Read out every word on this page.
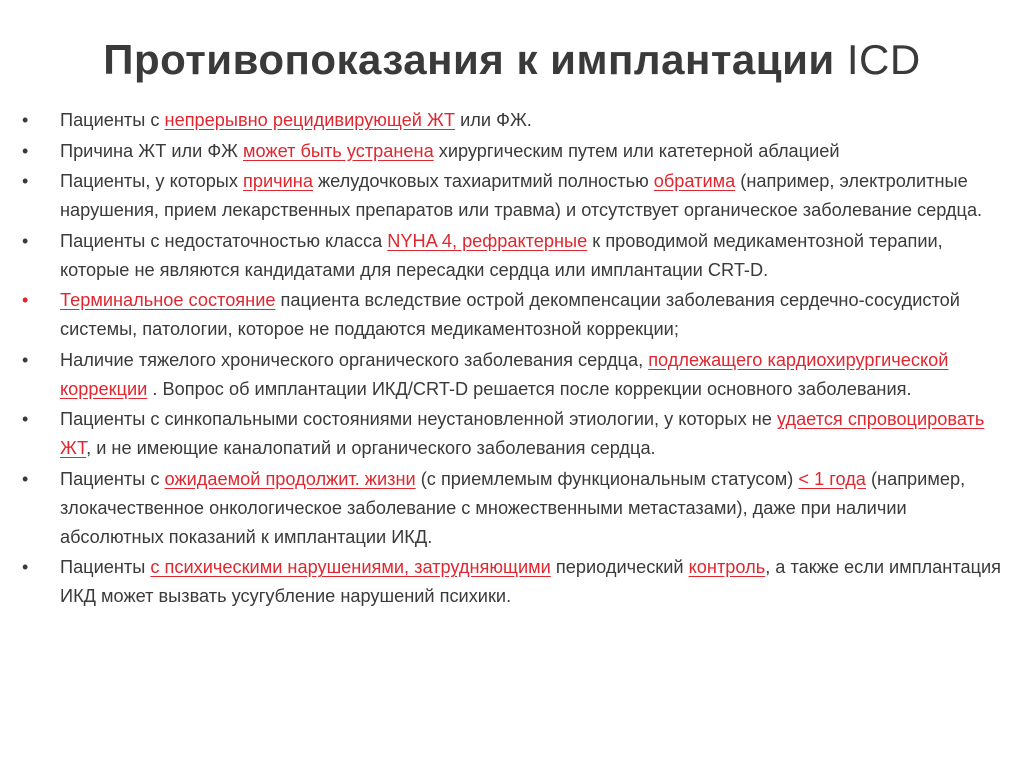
Противопоказания к имплантации ICD
• Пациенты с непрерывно рецидивирующей ЖТ или ФЖ.
• Причина ЖТ или ФЖ может быть устранена хирургическим путем или катетерной аблацией
• Пациенты, у которых причина желудочковых тахиаритмий полностью обратима (например, электролитные нарушения, прием лекарственных препаратов или травма) и отсутствует органическое заболевание сердца.
• Пациенты с недостаточностью класса NYHA 4, рефрактерные к проводимой медикаментозной терапии, которые не являются кандидатами для пересадки сердца или имплантации CRT-D.
• Терминальное состояние пациента вследствие острой декомпенсации заболевания сердечно-сосудистой системы, патологии, которое не поддаются медикаментозной коррекции;
• Наличие тяжелого хронического органического заболевания сердца, подлежащего кардиохирургической коррекции . Вопрос об имплантации ИКД/CRT-D решается после коррекции основного заболевания.
• Пациенты с синкопальными состояниями неустановленной этиологии, у которых не удается спровоцировать ЖТ, и не имеющие каналопатий и органического заболевания сердца.
• Пациенты с ожидаемой продолжит. жизни (с приемлемым функциональным статусом) < 1 года (например, злокачественное онкологическое заболевание с множественными метастазами), даже при наличии абсолютных показаний к имплантации ИКД.
• Пациенты с психическими нарушениями, затрудняющими периодический контроль, а также если имплантация ИКД может вызвать усугубление нарушений психики.
